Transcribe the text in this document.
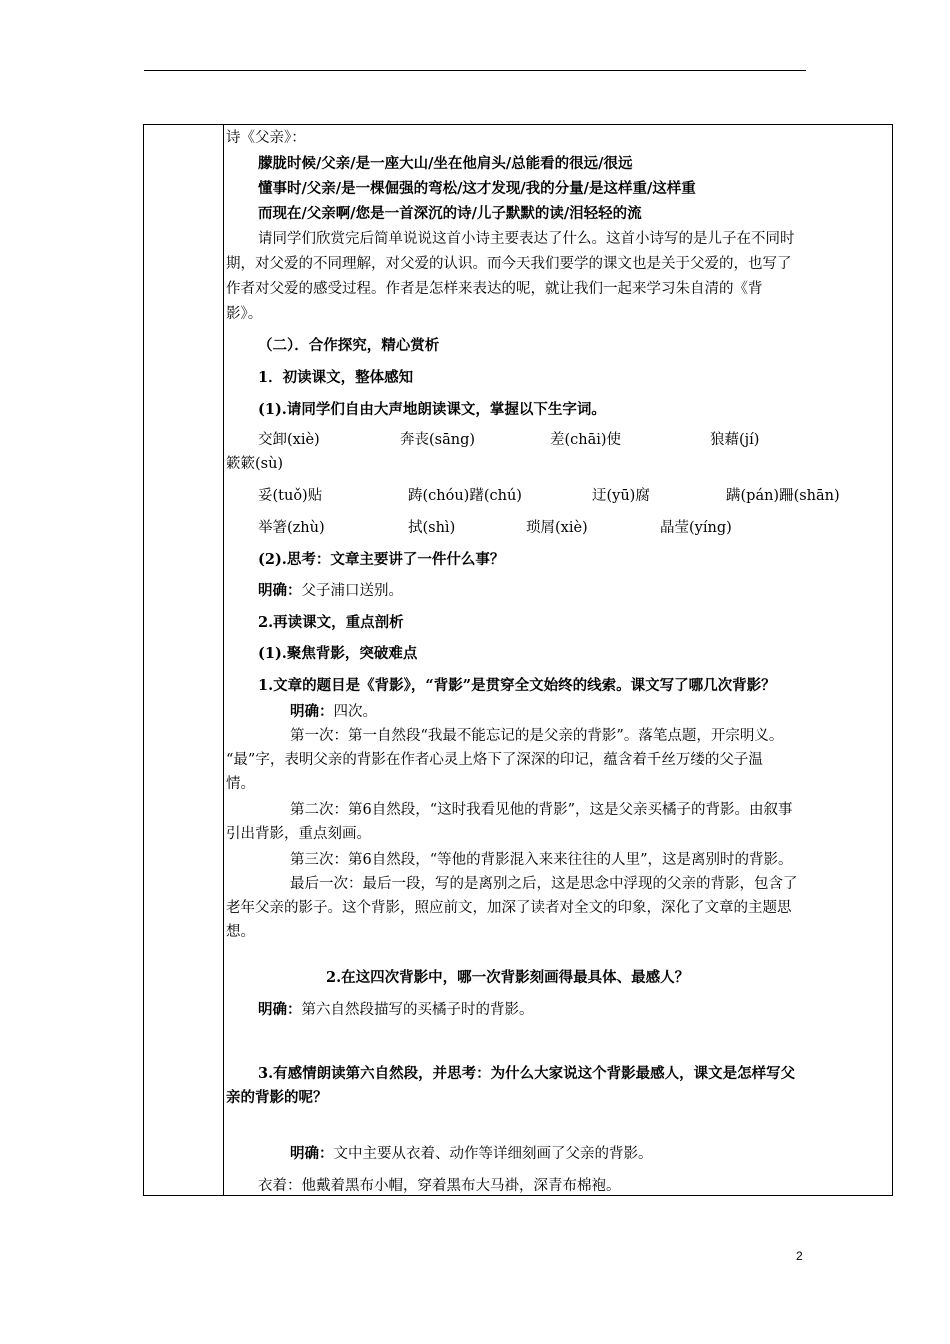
诗《父亲》：
朦胧时候/父亲/是一座大山/坐在他肩头/总能看的很远/很远
懂事时/父亲/是一棵倔强的弯松/这才发现/我的分量/是这样重/这样重
而现在/父亲啊/您是一首深沉的诗/儿子默默的读/泪轻轻的流
请同学们欣赏完后简单说说这首小诗主要表达了什么。这首小诗写的是儿子在不同时
期，对父爱的不同理解，对父爱的认识。而今天我们要学的课文也是关于父爱的，也写了
作者对父爱的感受过程。作者是怎样来表达的呢，就让我们一起来学习朱自清的《背
影》。
（二）．合作探究，精心赏析
1．初读课文，整体感知
(1).请同学们自由大声地朗读课文，掌握以下生字词。
交卸(xiè)	奔丧(sāng)	差(chāi)使	狼藉(jí)
簌簌(sù)
妥(tuǒ)贴	踌(chóu)躇(chú)	迂(yū)腐	蹒(pán)跚(shān)
举箸(zhù)	拭(shì)	琐屑(xiè)	晶莹(yíng)
(2).思考：文章主要讲了一件什么事？
明确：父子浦口送别。
2.再读课文，重点剖析
(1).聚焦背影，突破难点
1.文章的题目是《背影》，“背影”是贯穿全文始终的线索。课文写了哪几次背影？
明确：四次。
第一次：第一自然段“我最不能忘记的是父亲的背影”。落笔点题，开宗明义。
“最”字，表明父亲的背影在作者心灵上烙下了深深的印记，蕴含着千丝万缕的父子温
情。
第二次：第6自然段，“这时我看见他的背影”，这是父亲买橘子的背影。由叙事
引出背影，重点刻画。
第三次：第6自然段，“等他的背影混入来来往往的人里”，这是离别时的背影。
最后一次：最后一段，写的是离别之后，这是思念中浮现的父亲的背影，包含了
老年父亲的影子。这个背影，照应前文，加深了读者对全文的印象，深化了文章的主题思
想。
2.在这四次背影中，哪一次背影刻画得最具体、最感人？
明确：第六自然段描写的买橘子时的背影。
3.有感情朗读第六自然段，并思考：为什么大家说这个背影最感人，课文是怎样写父
亲的背影的呢？
明确：文中主要从衣着、动作等详细刻画了父亲的背影。
衣着：他戴着黑布小帽，穿着黑布大马褂，深青布棉袍。
2
